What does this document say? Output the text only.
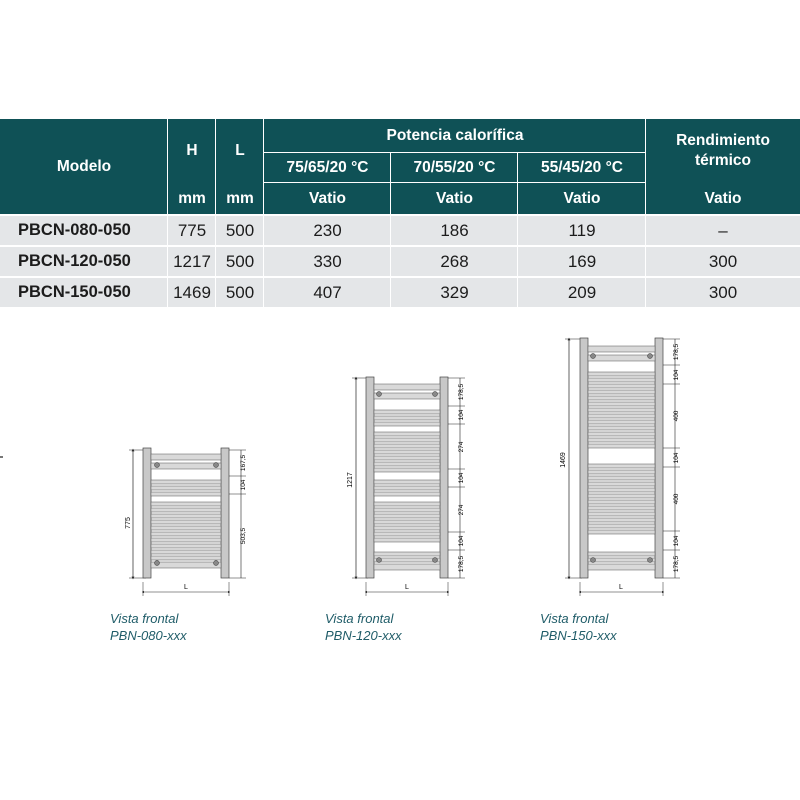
Modelo
H L
mm mm
Potencia calorífica
75/65/20 °C	70/55/20 °C	55/45/20 °C
Vatio	Vatio	Vatio
Rendimiento
térmico
Vatio
PBCN-080-050	775	500	230	186	119	–
PBCN-120-050	1217 500	330	268	169	300
PBCN-150-050	1469 500	407	329	209	300
775
167,5
104
503,5
L
1217
178,5
104
274
104
274
104
178,5
L
1469
178,5
104
400
104
400
104
178,5
L
Vista frontal
PBN-080-xxx
Vista frontal
PBN-120-xxx
Vista frontal
PBN-150-xxx
